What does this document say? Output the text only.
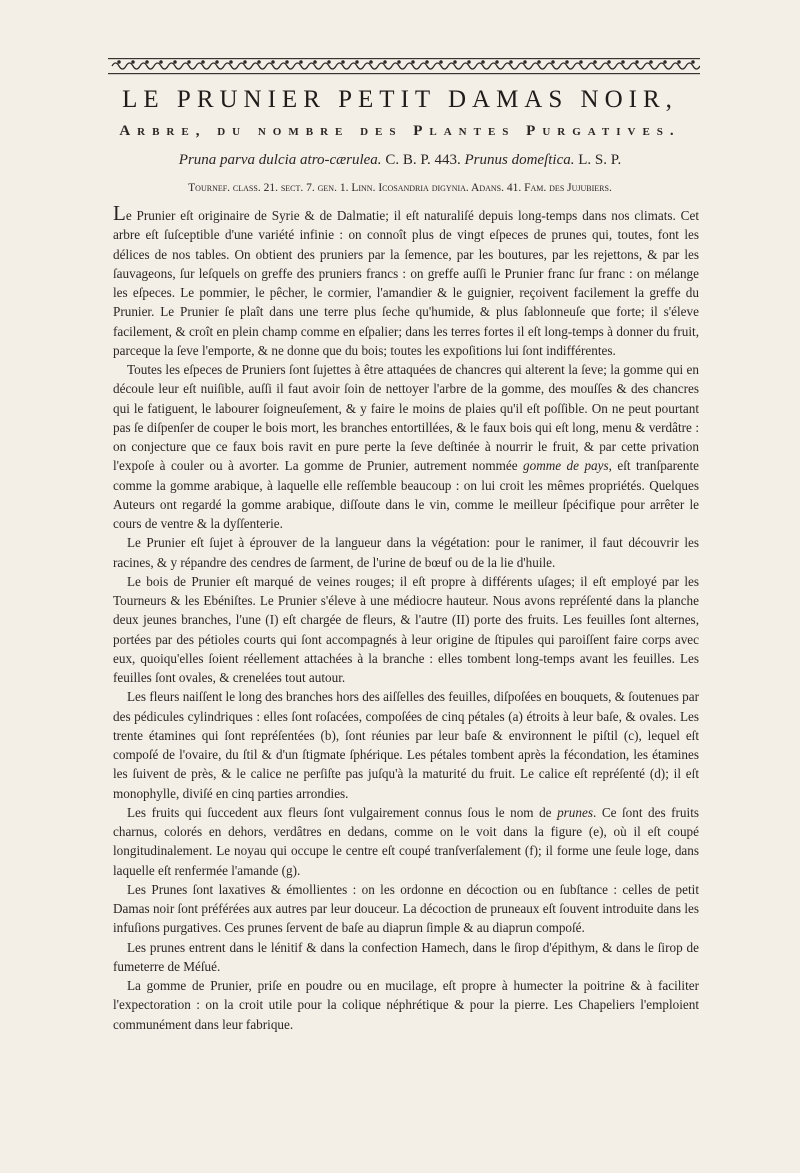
LE PRUNIER PETIT DAMAS NOIR,
Arbre, du nombre des Plantes Purgatives.

Pruna parva dulcia atro-cærulea. C. B. P. 443. Prunus domeſtica. L. S. P.

Tournef. claſſ. 21. ſect. 7. gen. 1. Linn. Icoſandria digynia. Adans. 41. Fam. des Jujubiers.

Le Prunier eſt originaire de Syrie & de Dalmatie; il eſt naturaliſé depuis long-temps dans nos climats. Cet arbre eſt ſuſceptible d'une variété infinie : on connoît plus de vingt eſpeces de prunes qui, toutes, font les délices de nos tables. On obtient des pruniers par la ſemence, par les boutures, par les rejettons, & par les ſauvageons, ſur leſquels on greffe des pruniers francs : on greffe auſſi le Prunier franc ſur franc : on mélange les eſpeces. Le pommier, le pêcher, le cormier, l'amandier & le guignier, reçoivent facilement la greffe du Prunier. Le Prunier ſe plaît dans une terre plus ſeche qu'humide, & plus ſablonneuſe que forte; il s'éleve facilement, & croît en plein champ comme en eſpalier; dans les terres fortes il eſt long-temps à donner du fruit, parceque la ſeve l'emporte, & ne donne que du bois; toutes les expoſitions lui ſont indifférentes.

Toutes les eſpeces de Pruniers ſont ſujettes à être attaquées de chancres qui alterent la ſeve; la gomme qui en découle leur eſt nuiſible, auſſi il faut avoir ſoin de nettoyer l'arbre de la gomme, des mouſſes & des chancres qui le fatiguent, le labourer ſoigneuſement, & y faire le moins de plaies qu'il eſt poſſible. On ne peut pourtant pas ſe diſpenſer de couper le bois mort, les branches entortillées, & le faux bois qui eſt long, menu & verdâtre : on conjecture que ce faux bois ravit en pure perte la ſeve deſtinée à nourrir le fruit, & par cette privation l'expoſe à couler ou à avorter. La gomme de Prunier, autrement nommée gomme de pays, eſt tranſparente comme la gomme arabique, à laquelle elle reſſemble beaucoup : on lui croit les mêmes propriétés. Quelques Auteurs ont regardé la gomme arabique, diſſoute dans le vin, comme le meilleur ſpécifique pour arrêter le cours de ventre & la dyſſenterie.

Le Prunier eſt ſujet à éprouver de la langueur dans la végétation: pour le ranimer, il faut découvrir les racines, & y répandre des cendres de ſarment, de l'urine de bœuf ou de la lie d'huile.

Le bois de Prunier eſt marqué de veines rouges; il eſt propre à différents uſages; il eſt employé par les Tourneurs & les Ebéniſtes. Le Prunier s'éleve à une médiocre hauteur. Nous avons repréſenté dans la planche deux jeunes branches, l'une (I) eſt chargée de fleurs, & l'autre (II) porte des fruits. Les feuilles ſont alternes, portées par des pétioles courts qui ſont accompagnés à leur origine de ſtipules qui paroiſſent faire corps avec eux, quoiqu'elles ſoient réellement attachées à la branche : elles tombent long-temps avant les feuilles. Les feuilles ſont ovales, & crenelées tout autour.

Les fleurs naiſſent le long des branches hors des aiſſelles des feuilles, diſpoſées en bouquets, & ſoutenues par des pédicules cylindriques : elles ſont roſacées, compoſées de cinq pétales (a) étroits à leur baſe, & ovales. Les trente étamines qui ſont repréſentées (b), ſont réunies par leur baſe & environnent le piſtil (c), lequel eſt compoſé de l'ovaire, du ſtil & d'un ſtigmate ſphérique. Les pétales tombent après la fécondation, les étamines les ſuivent de près, & le calice ne perſiſte pas juſqu'à la maturité du fruit. Le calice eſt repréſenté (d); il eſt monophylle, diviſé en cinq parties arrondies.

Les fruits qui ſuccedent aux fleurs ſont vulgairement connus ſous le nom de prunes. Ce ſont des fruits charnus, colorés en dehors, verdâtres en dedans, comme on le voit dans la figure (e), où il eſt coupé longitudinalement. Le noyau qui occupe le centre eſt coupé tranſverſalement (f); il forme une ſeule loge, dans laquelle eſt renfermée l'amande (g).

Les Prunes ſont laxatives & émollientes : on les ordonne en décoction ou en ſubſtance : celles de petit Damas noir ſont préférées aux autres par leur douceur. La décoction de pruneaux eſt ſouvent introduite dans les infuſions purgatives. Ces prunes ſervent de baſe au diaprun ſimple & au diaprun compoſé.

Les prunes entrent dans le lénitif & dans la confection Hamech, dans le ſirop d'épithym, & dans le ſirop de fumeterre de Méſué.

La gomme de Prunier, priſe en poudre ou en mucilage, eſt propre à humecter la poitrine & à faciliter l'expectoration : on la croit utile pour la colique néphrétique & pour la pierre. Les Chapeliers l'emploient communément dans leur fabrique.
